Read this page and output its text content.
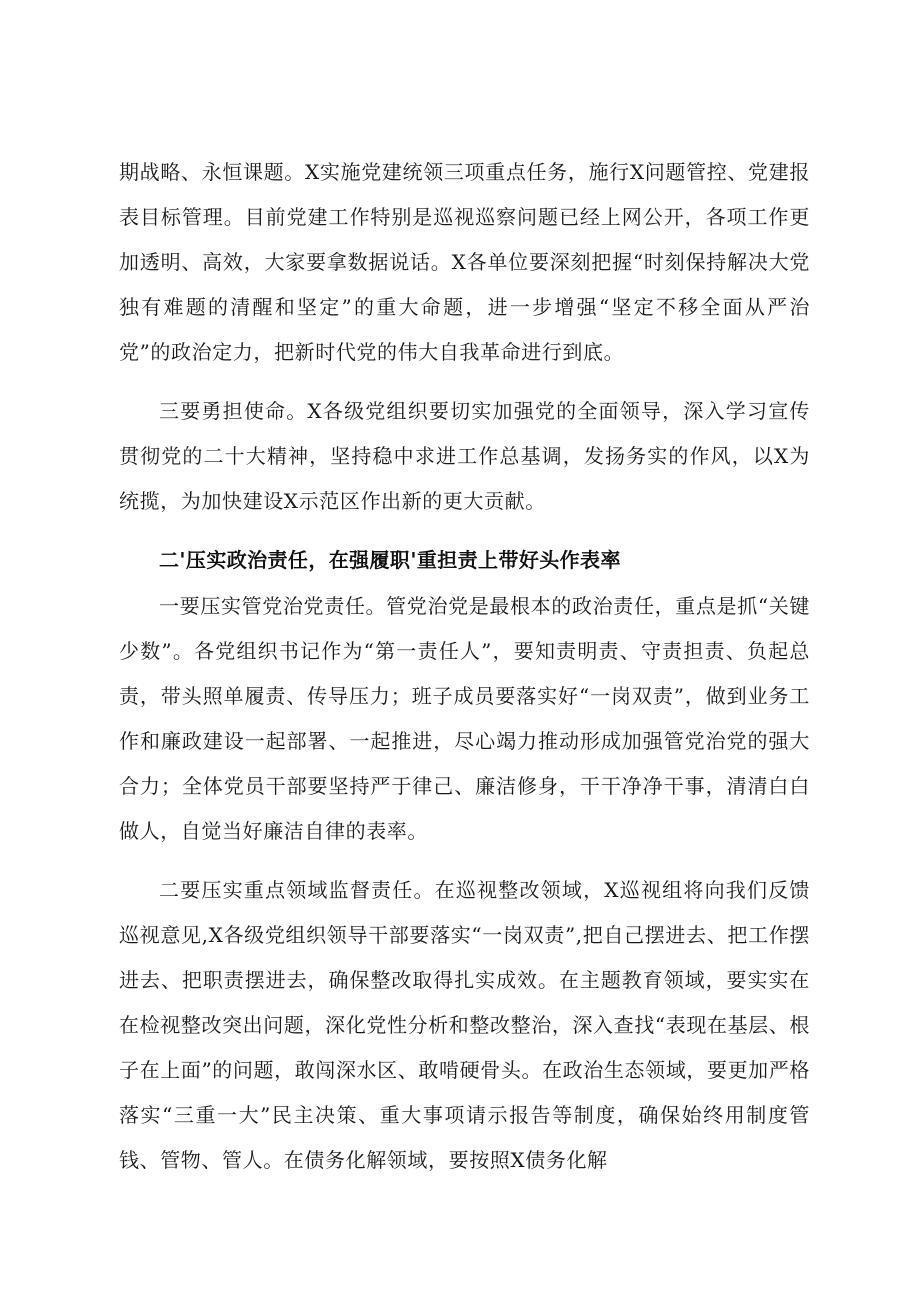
期战略、永恒课题。X实施党建统领三项重点任务，施行X问题管控、党建报表目标管理。目前党建工作特别是巡视巡察问题已经上网公开，各项工作更加透明、高效，大家要拿数据说话。X各单位要深刻把握“时刻保持解决大党独有难题的清醒和坚定”的重大命题，进一步增强“坚定不移全面从严治党”的政治定力，把新时代党的伟大自我革命进行到底。

三要勇担使命。X各级党组织要切实加强党的全面领导，深入学习宣传贯彻党的二十大精神，坚持稳中求进工作总基调，发扬务实的作风，以X为统揽，为加快建设X示范区作出新的更大贡献。

二'压实政治责任，在强履职'重担责上带好头作表率

一要压实管党治党责任。管党治党是最根本的政治责任，重点是抓“关键少数”。各党组织书记作为“第一责任人”，要知责明责、守责担责、负起总责，带头照单履责、传导压力；班子成员要落实好“一岗双责”，做到业务工作和廉政建设一起部署、一起推进，尽心竭力推动形成加强管党治党的强大合力；全体党员干部要坚持严于律己、廉洁修身，干干净净干事，清清白白做人，自觉当好廉洁自律的表率。

二要压实重点领域监督责任。在巡视整改领域，X巡视组将向我们反馈巡视意见,X各级党组织领导干部要落实“一岗双责”,把自己摆进去、把工作摆进去、把职责摆进去，确保整改取得扎实成效。在主题教育领域，要实实在在检视整改突出问题，深化党性分析和整改整治，深入查找“表现在基层、根子在上面”的问题，敢闯深水区、敢啃硬骨头。在政治生态领域，要更加严格落实“三重一大”民主决策、重大事项请示报告等制度，确保始终用制度管钱、管物、管人。在债务化解领域，要按照X债务化解
